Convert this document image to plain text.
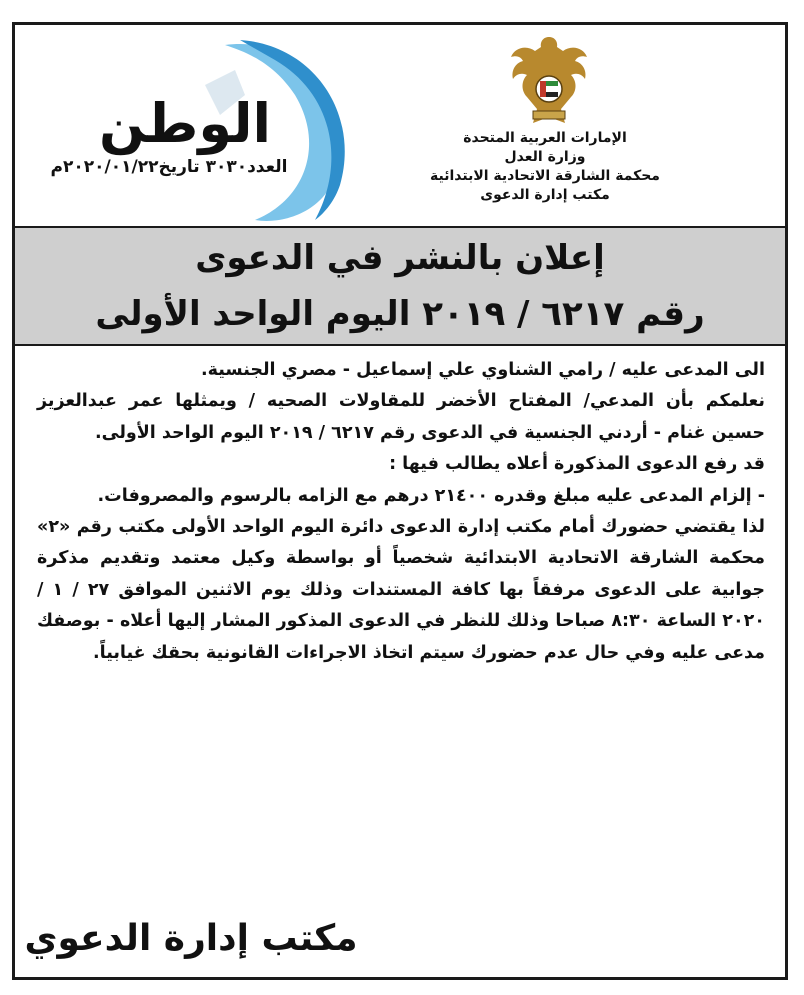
الوطن
العدد٣٠٣٠ تاريخ٢٠٢٠/٠١/٢٢م
الإمارات العربية المتحدة
وزارة العدل
محكمة الشارقة الاتحادية الابتدائية
مكتب إدارة الدعوى
إعلان بالنشر في الدعوى
رقم ٦٢١٧ / ٢٠١٩ اليوم الواحد الأولى

الى المدعى عليه / رامي الشناوي علي إسماعيل - مصري الجنسية.

نعلمكم بأن المدعي/ المفتاح الأخضر للمقاولات الصحيه / ويمثلها عمر عبدالعزيز حسين غنام - أردني الجنسية في الدعوى رقم ٦٢١٧ / ٢٠١٩ اليوم الواحد الأولى.

قد رفع الدعوى المذكورة أعلاه يطالب فيها :

- إلزام المدعى عليه مبلغ وقدره ٢١٤٠٠ درهم مع الزامه بالرسوم والمصروفات.

لذا يقتضي حضورك أمام مكتب إدارة الدعوى دائرة اليوم الواحد الأولى مكتب رقم «٢» محكمة الشارقة الاتحادية الابتدائية شخصياً أو بواسطة وكيل معتمد وتقديم مذكرة جوابية على الدعوى مرفقاً بها كافة المستندات وذلك يوم الاثنين الموافق ٢٧ / ١ / ٢٠٢٠ الساعة ٨:٣٠ صباحا وذلك للنظر في الدعوى المذكور المشار إليها أعلاه - بوصفك مدعى عليه وفي حال عدم حضورك سيتم اتخاذ الاجراءات القانونية بحقك غيابياً.

مكتب إدارة الدعوي
